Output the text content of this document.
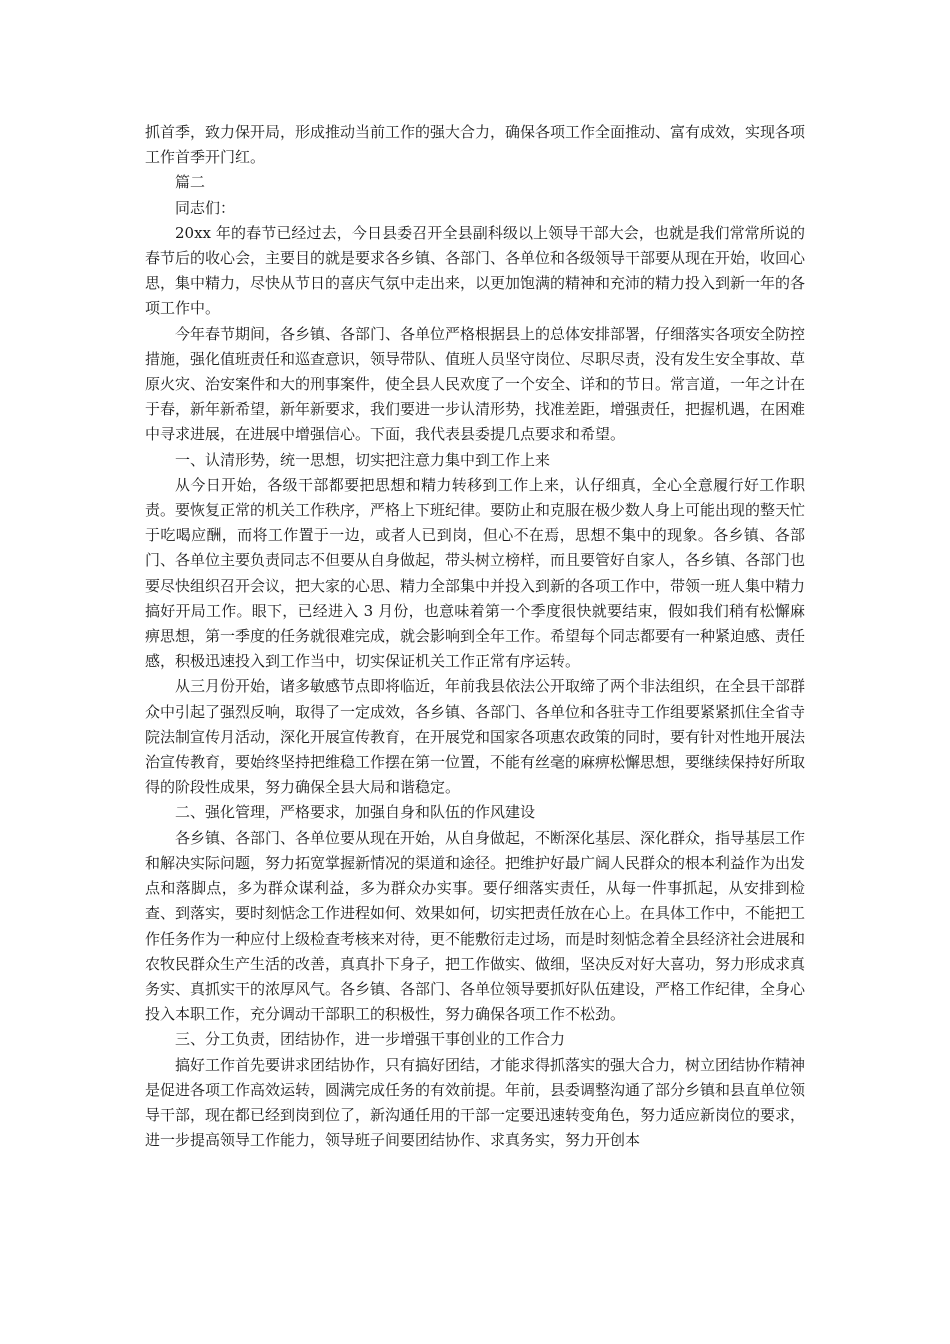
抓首季，致力保开局，形成推动当前工作的强大合力，确保各项工作全面推动、富有成效，实现各项工作首季开门红。

篇二

同志们：

20xx 年的春节已经过去，今日县委召开全县副科级以上领导干部大会，也就是我们常常所说的春节后的收心会，主要目的就是要求各乡镇、各部门、各单位和各级领导干部要从现在开始，收回心思，集中精力，尽快从节日的喜庆气氛中走出来，以更加饱满的精神和充沛的精力投入到新一年的各项工作中。

今年春节期间，各乡镇、各部门、各单位严格根据县上的总体安排部署，仔细落实各项安全防控措施，强化值班责任和巡查意识，领导带队、值班人员坚守岗位、尽职尽责，没有发生安全事故、草原火灾、治安案件和大的刑事案件，使全县人民欢度了一个安全、详和的节日。常言道，一年之计在于春，新年新希望，新年新要求，我们要进一步认清形势，找准差距，增强责任，把握机遇，在困难中寻求进展，在进展中增强信心。下面，我代表县委提几点要求和希望。

一、认清形势，统一思想，切实把注意力集中到工作上来

从今日开始，各级干部都要把思想和精力转移到工作上来，认仔细真，全心全意履行好工作职责。要恢复正常的机关工作秩序，严格上下班纪律。要防止和克服在极少数人身上可能出现的整天忙于吃喝应酬，而将工作置于一边，或者人已到岗，但心不在焉，思想不集中的现象。各乡镇、各部门、各单位主要负责同志不但要从自身做起，带头树立榜样，而且要管好自家人，各乡镇、各部门也要尽快组织召开会议，把大家的心思、精力全部集中并投入到新的各项工作中，带领一班人集中精力搞好开局工作。眼下，已经进入 3 月份，也意味着第一个季度很快就要结束，假如我们稍有松懈麻痹思想，第一季度的任务就很难完成，就会影响到全年工作。希望每个同志都要有一种紧迫感、责任感，积极迅速投入到工作当中，切实保证机关工作正常有序运转。

从三月份开始，诸多敏感节点即将临近，年前我县依法公开取缔了两个非法组织，在全县干部群众中引起了强烈反响，取得了一定成效，各乡镇、各部门、各单位和各驻寺工作组要紧紧抓住全省寺院法制宣传月活动，深化开展宣传教育，在开展党和国家各项惠农政策的同时，要有针对性地开展法治宣传教育，要始终坚持把维稳工作摆在第一位置，不能有丝毫的麻痹松懈思想，要继续保持好所取得的阶段性成果，努力确保全县大局和谐稳定。

二、强化管理，严格要求，加强自身和队伍的作风建设

各乡镇、各部门、各单位要从现在开始，从自身做起，不断深化基层、深化群众，指导基层工作和解决实际问题，努力拓宽掌握新情况的渠道和途径。把维护好最广阔人民群众的根本利益作为出发点和落脚点，多为群众谋利益，多为群众办实事。要仔细落实责任，从每一件事抓起，从安排到检查、到落实，要时刻惦念工作进程如何、效果如何，切实把责任放在心上。在具体工作中，不能把工作任务作为一种应付上级检查考核来对待，更不能敷衍走过场，而是时刻惦念着全县经济社会进展和农牧民群众生产生活的改善，真真扑下身子，把工作做实、做细，坚决反对好大喜功，努力形成求真务实、真抓实干的浓厚风气。各乡镇、各部门、各单位领导要抓好队伍建设，严格工作纪律，全身心投入本职工作，充分调动干部职工的积极性，努力确保各项工作不松劲。

三、分工负责，团结协作，进一步增强干事创业的工作合力

搞好工作首先要讲求团结协作，只有搞好团结，才能求得抓落实的强大合力，树立团结协作精神是促进各项工作高效运转，圆满完成任务的有效前提。年前，县委调整沟通了部分乡镇和县直单位领导干部，现在都已经到岗到位了，新沟通任用的干部一定要迅速转变角色，努力适应新岗位的要求，进一步提高领导工作能力，领导班子间要团结协作、求真务实，努力开创本
